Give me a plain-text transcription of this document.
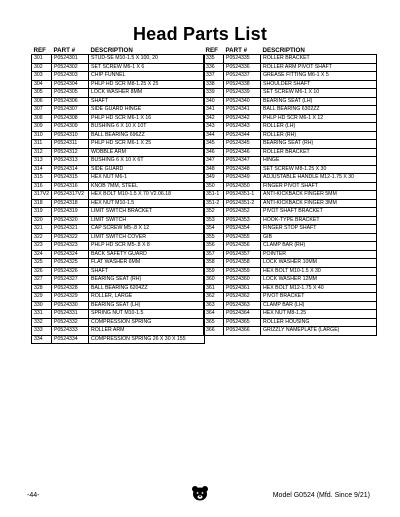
Head Parts List
REF	PART #	DESCRIPTION
301	P0524301	STUD-SE M10-1.5 X 100, 20
302	P0524302	SET SCREW M6-1 X 6
303	P0524303	CHIP FUNNEL
304	P0524304	PHLP HD SCR M8-1.25 X 25
305	P0524305	LOCK WASHER 8MM
306	P0524306	SHAFT
307	P0524307	SIDE GUARD HINGE
308	P0524308	PHLP HD SCR M6-1 X 16
309	P0524309	BUSHING 6 X 10 X 10T
310	P0524310	BALL BEARING 696ZZ
311	P0524311	PHLP HD SCR M6-1 X 25
312	P0524312	WOBBLE ARM
313	P0524313	BUSHING 6 X 10 X 6T
314	P0524314	SIDE GUARD
315	P0524315	HEX NUT M6-1
316	P0524316	KNOB 7MM, STEEL
317V2	P0524317V2	HEX BOLT M10-1.5 X 70 V2.06.18
318	P0524318	HEX NUT M10-1.5
319	P0524319	LIMIT SWITCH BRACKET
320	P0524320	LIMIT SWITCH
321	P0524321	CAP SCREW M5-.8 X 12
322	P0524322	LIMIT SWITCH COVER
323	P0524323	PHLP HD SCR M5-.8 X 8
324	P0524324	BACK SAFETY GUARD
325	P0524325	FLAT WASHER 6MM
326	P0524326	SHAFT
327	P0524327	BEARING SEAT (RH)
328	P0524328	BALL BEARING 6204ZZ
329	P0524329	ROLLER, LARGE
330	P0524330	BEARING SEAT (LH)
331	P0524331	SPRING NUT M10-1.5
332	P0524332	COMPRESSION SPRING
333	P0524333	ROLLER ARM
334	P0524334	COMPRESSION SPRING 26 X 30 X 155
REF	PART #	DESCRIPTION
335	P0524335	ROLLER BRACKET
336	P0524336	ROLLER ARM PIVOT SHAFT
337	P0524337	GREASE FITTING M6-1 X 5
338	P0524338	SHOULDER SHAFT
339	P0524339	SET SCREW M6-1 X 10
340	P0524340	BEARING SEAT (LH)
341	P0524341	BALL BEARING 6302ZZ
342	P0524342	PHLP HD SCR M6-1 X 12
343	P0524343	ROLLER (LH)
344	P0524344	ROLLER (RH)
345	P0524345	BEARING SEAT (RH)
346	P0524346	ROLLER BRACKET
347	P0524347	HINGE
348	P0524348	SET SCREW M8-1.25 X 30
349	P0524349	ADJUSTABLE HANDLE M12-1.75 X 30
350	P0524350	FINGER PIVOT SHAFT
351-1	P0524351-1	ANTI-KICKBACK FINGER 5MM
351-2	P0524351-2	ANTI-KICKBACK FINGER 3MM
352	P0524352	PIVOT SHAFT BRACKET
353	P0524353	HOOK-TYPE BRACKET
354	P0524354	FINGER STOP SHAFT
355	P0524355	GIB
356	P0524356	CLAMP BAR (RH)
357	P0524357	POINTER
358	P0524358	LOCK WASHER 10MM
359	P0524359	HEX BOLT M10-1.5 X 30
360	P0524360	LOCK WASHER 12MM
361	P0524361	HEX BOLT M12-1.75 X 40
362	P0524362	PIVOT BRACKET
363	P0524363	CLAMP BAR (LH)
364	P0524364	HEX NUT M8-1.25
365	P0524365	ROLLER HOUSING
366	P0524366	GRIZZLY NAMEPLATE (LARGE)
-44-	Model G0524 (Mfd. Since 9/21)
